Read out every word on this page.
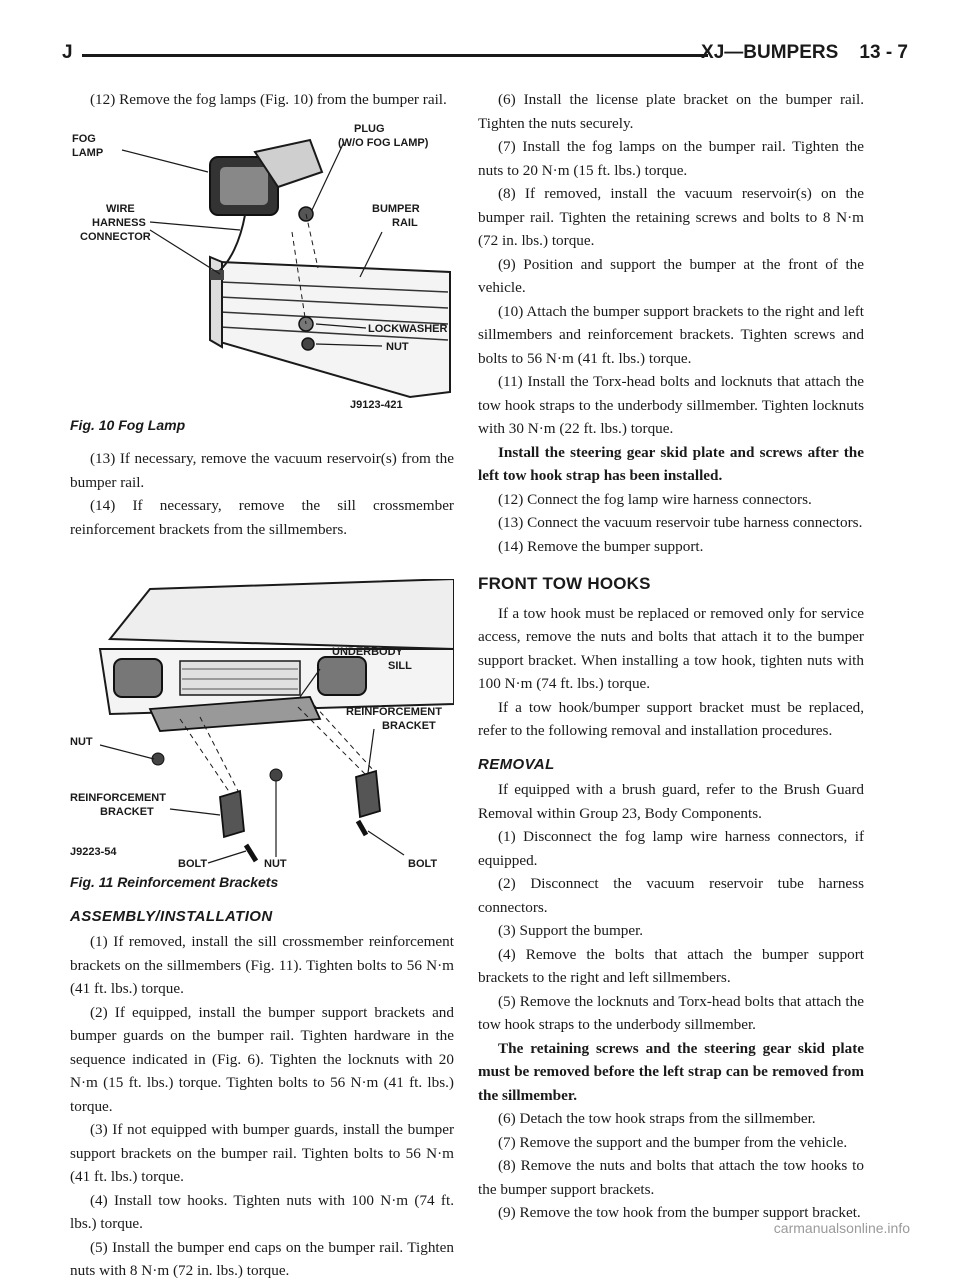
J	XJ—BUMPERS    13 - 7

(12) Remove the fog lamps (Fig. 10) from the bumper rail.

FOG
LAMP
PLUG
(W/O FOG LAMP)
WIRE
HARNESS
CONNECTOR
BUMPER
RAIL
LOCKWASHER
NUT
J9123-421
Fig. 10 Fog Lamp

(13) If necessary, remove the vacuum reservoir(s) from the bumper rail.

(14) If necessary, remove the sill crossmember reinforcement brackets from the sillmembers.

UNDERBODY
SILL
NUT
REINFORCEMENT
BRACKET
REINFORCEMENT
BRACKET
J9223-54
BOLT	NUT	BOLT
Fig. 11 Reinforcement Brackets
ASSEMBLY/INSTALLATION

(1) If removed, install the sill crossmember reinforcement brackets on the sillmembers (Fig. 11). Tighten bolts to 56 N·m (41 ft. lbs.) torque.

(2) If equipped, install the bumper support brackets and bumper guards on the bumper rail. Tighten hardware in the sequence indicated in (Fig. 6). Tighten the locknuts with 20 N·m (15 ft. lbs.) torque. Tighten bolts to 56 N·m (41 ft. lbs.) torque.

(3) If not equipped with bumper guards, install the bumper support brackets on the bumper rail. Tighten bolts to 56 N·m (41 ft. lbs.) torque.

(4) Install tow hooks. Tighten nuts with 100 N·m (74 ft. lbs.) torque.

(5) Install the bumper end caps on the bumper rail. Tighten nuts with 8 N·m (72 in. lbs.) torque.

(6) Install the license plate bracket on the bumper rail. Tighten the nuts securely.

(7) Install the fog lamps on the bumper rail. Tighten the nuts to 20 N·m (15 ft. lbs.) torque.

(8) If removed, install the vacuum reservoir(s) on the bumper rail. Tighten the retaining screws and bolts to 8 N·m (72 in. lbs.) torque.

(9) Position and support the bumper at the front of the vehicle.

(10) Attach the bumper support brackets to the right and left sillmembers and reinforcement brackets. Tighten screws and bolts to 56 N·m (41 ft. lbs.) torque.

(11) Install the Torx-head bolts and locknuts that attach the tow hook straps to the underbody sillmember. Tighten locknuts with 30 N·m (22 ft. lbs.) torque.

Install the steering gear skid plate and screws after the left tow hook strap has been installed.

(12) Connect the fog lamp wire harness connectors.

(13) Connect the vacuum reservoir tube harness connectors.

(14) Remove the bumper support.

FRONT TOW HOOKS

If a tow hook must be replaced or removed only for service access, remove the nuts and bolts that attach it to the bumper support bracket. When installing a tow hook, tighten nuts with 100 N·m (74 ft. lbs.) torque.

If a tow hook/bumper support bracket must be replaced, refer to the following removal and installation procedures.

REMOVAL

If equipped with a brush guard, refer to the Brush Guard Removal within Group 23, Body Components.

(1) Disconnect the fog lamp wire harness connectors, if equipped.

(2) Disconnect the vacuum reservoir tube harness connectors.

(3) Support the bumper.

(4) Remove the bolts that attach the bumper support brackets to the right and left sillmembers.

(5) Remove the locknuts and Torx-head bolts that attach the tow hook straps to the underbody sillmember.

The retaining screws and the steering gear skid plate must be removed before the left strap can be removed from the sillmember.

(6) Detach the tow hook straps from the sillmember.

(7) Remove the support and the bumper from the vehicle.

(8) Remove the nuts and bolts that attach the tow hooks to the bumper support brackets.

(9) Remove the tow hook from the bumper support bracket.

carmanualsonline.info
